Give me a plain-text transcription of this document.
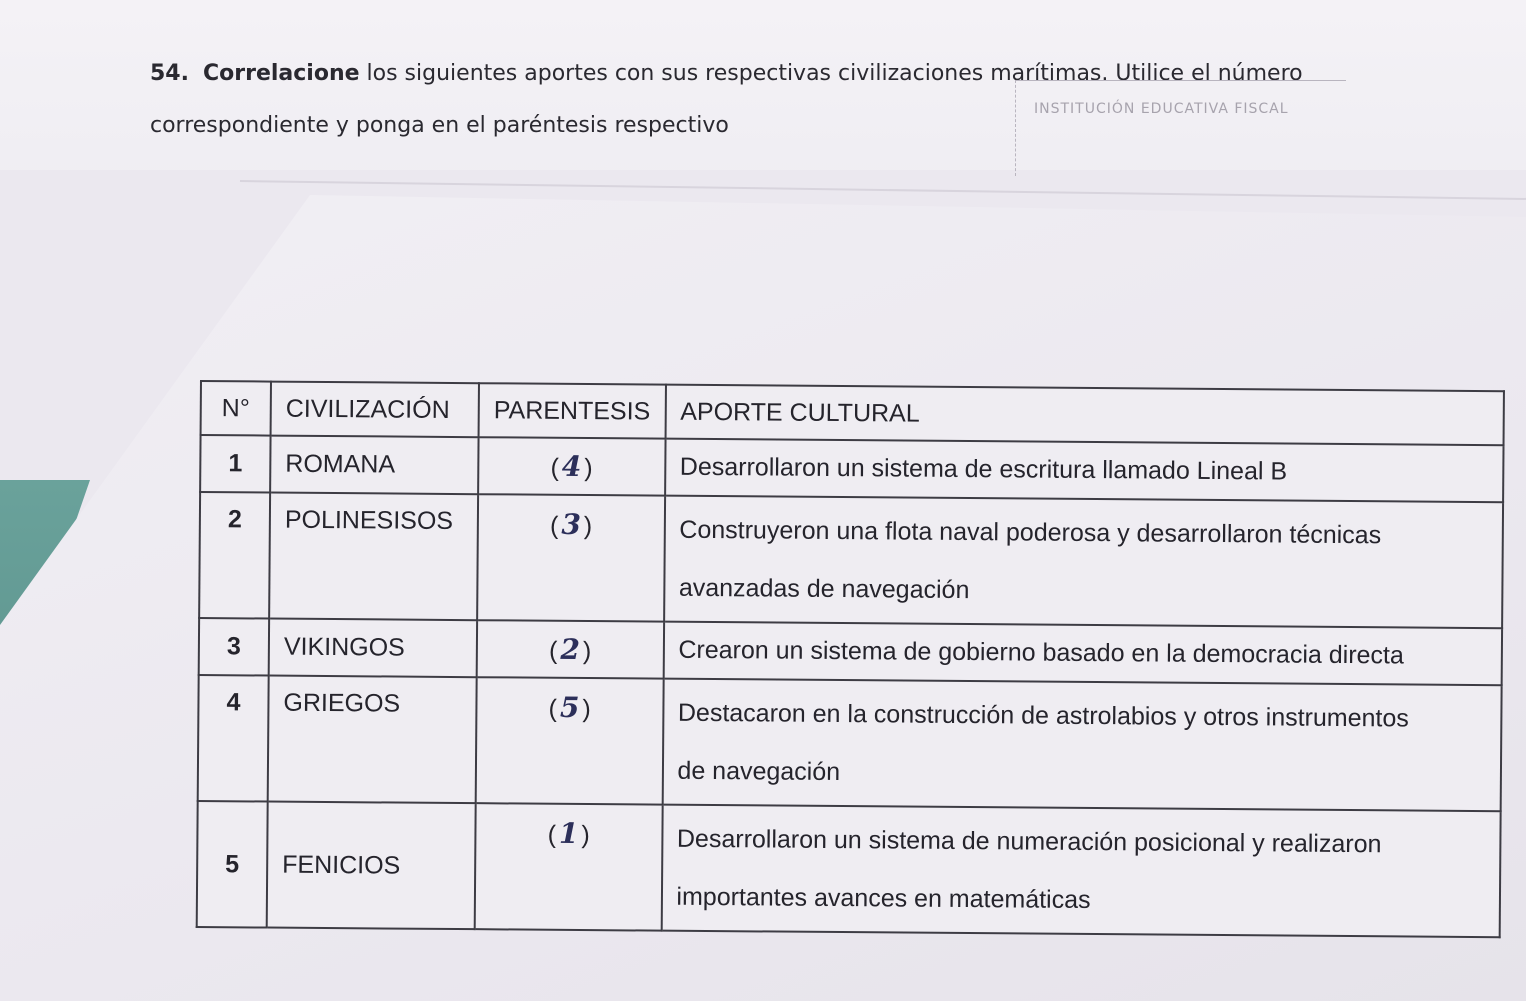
54. Correlacione los siguientes aportes con sus respectivas civilizaciones marítimas. Utilice el número correspondiente y ponga en el paréntesis respectivo
INSTITUCIÓN EDUCATIVA FISCAL
N°	CIVILIZACIÓN	PARENTESIS	APORTE CULTURAL
1	ROMANA	(4 )	Desarrollaron un sistema de escritura llamado Lineal B
2	POLINESISOS	(3 )	Construyeron una flota naval poderosa y desarrollaron técnicas
avanzadas de navegación

3	VIKINGOS	(2 )	Crearon un sistema de gobierno basado en la democracia directa
4	GRIEGOS	(5 )	Destacaron en la construcción de astrolabios y otros instrumentos
de navegación

5	FENICIOS	(1 )	Desarrollaron un sistema de numeración posicional y realizaron
importantes avances en matemáticas
